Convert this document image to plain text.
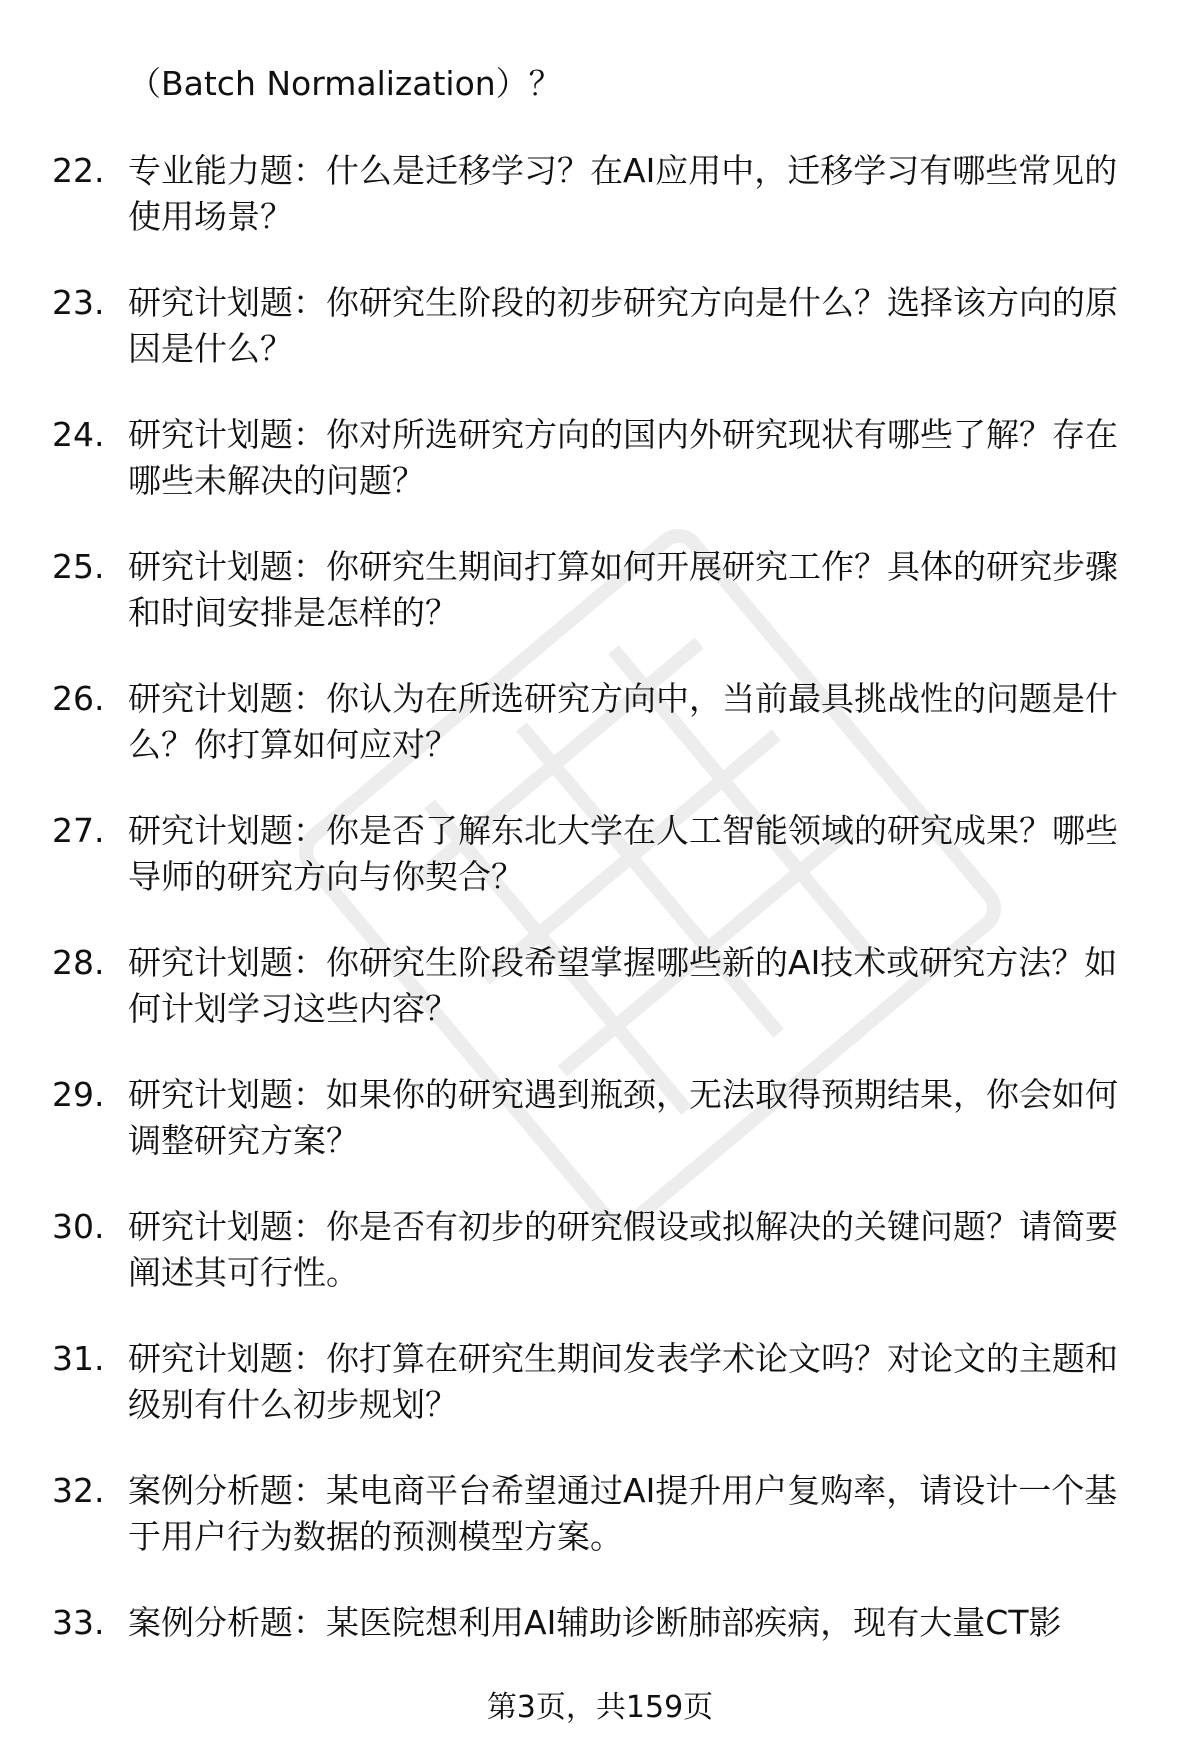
（Batch Normalization）？
22. 专业能力题：什么是迁移学习？在AI应用中，迁移学习有哪些常见的使用场景？
23. 研究计划题：你研究生阶段的初步研究方向是什么？选择该方向的原因是什么？
24. 研究计划题：你对所选研究方向的国内外研究现状有哪些了解？存在哪些未解决的问题？
25. 研究计划题：你研究生期间打算如何开展研究工作？具体的研究步骤和时间安排是怎样的？
26. 研究计划题：你认为在所选研究方向中，当前最具挑战性的问题是什么？你打算如何应对？
27. 研究计划题：你是否了解东北大学在人工智能领域的研究成果？哪些导师的研究方向与你契合？
28. 研究计划题：你研究生阶段希望掌握哪些新的AI技术或研究方法？如何计划学习这些内容？
29. 研究计划题：如果你的研究遇到瓶颈，无法取得预期结果，你会如何调整研究方案？
30. 研究计划题：你是否有初步的研究假设或拟解决的关键问题？请简要阐述其可行性。
31. 研究计划题：你打算在研究生期间发表学术论文吗？对论文的主题和级别有什么初步规划？
32. 案例分析题：某电商平台希望通过AI提升用户复购率，请设计一个基于用户行为数据的预测模型方案。
33. 案例分析题：某医院想利用AI辅助诊断肺部疾病，现有大量CT影
第3页，共159页
